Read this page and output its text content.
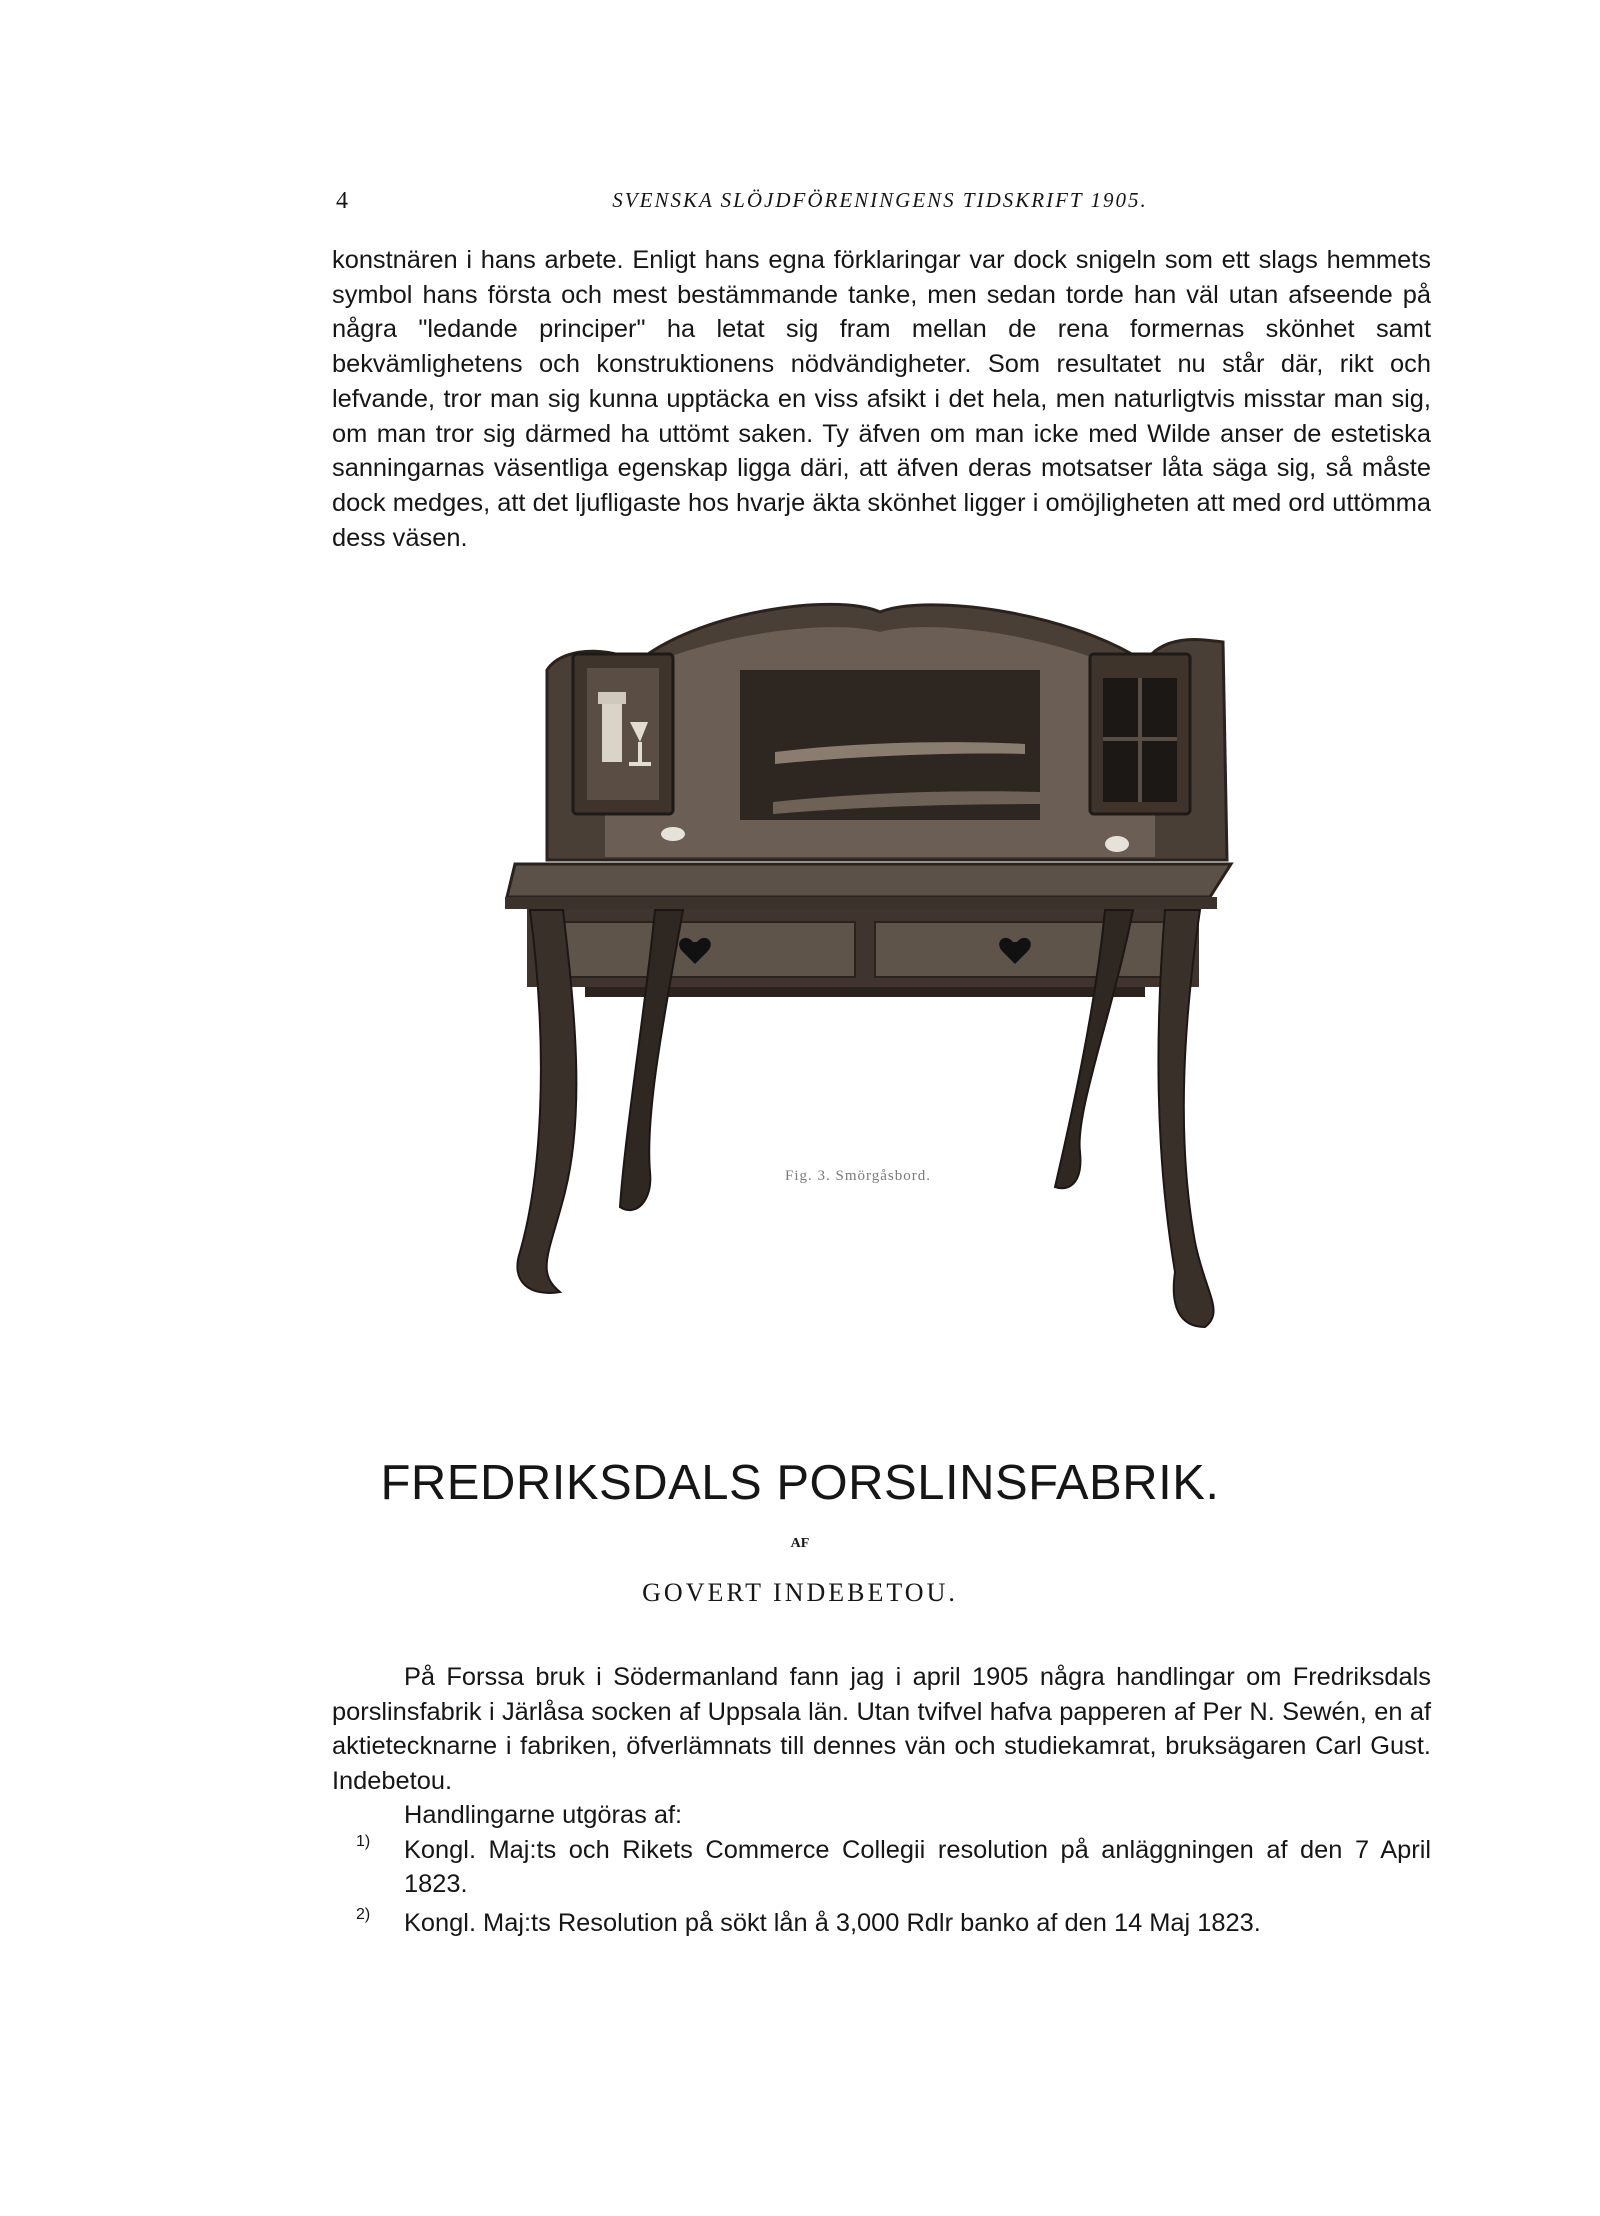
4	SVENSKA SLÖJDFÖRENINGENS TIDSKRIFT 1905.

konstnären i hans arbete. Enligt hans egna förklaringar var dock snigeln som ett slags hemmets symbol hans första och mest bestämmande tanke, men sedan torde han väl utan afseende på några "ledande principer" ha letat sig fram mellan de rena formernas skönhet samt bekvämlighetens och konstruktionens nödvändigheter. Som resultatet nu står där, rikt och lefvande, tror man sig kunna upptäcka en viss afsikt i det hela, men naturligtvis misstar man sig, om man tror sig därmed ha uttömt saken. Ty äfven om man icke med Wilde anser de estetiska sanningarnas väsentliga egenskap ligga däri, att äfven deras motsatser låta säga sig, så måste dock medges, att det ljufligaste hos hvarje äkta skönhet ligger i omöjligheten att med ord uttömma dess väsen.

Fig. 3. Smörgåsbord.
FREDRIKSDALS PORSLINSFABRIK.
AF
GOVERT INDEBETOU.

På Forssa bruk i Södermanland fann jag i april 1905 några handlingar om Fredriksdals porslinsfabrik i Järlåsa socken af Uppsala län. Utan tvifvel hafva papperen af Per N. Sewén, en af aktietecknarne i fabriken, öfverlämnats till dennes vän och studiekamrat, bruksägaren Carl Gust. Indebetou.

Handlingarne utgöras af:

1) Kongl. Maj:ts och Rikets Commerce Collegii resolution på anläggningen af den 7 April 1823.

2) Kongl. Maj:ts Resolution på sökt lån å 3,000 Rdlr banko af den 14 Maj 1823.
